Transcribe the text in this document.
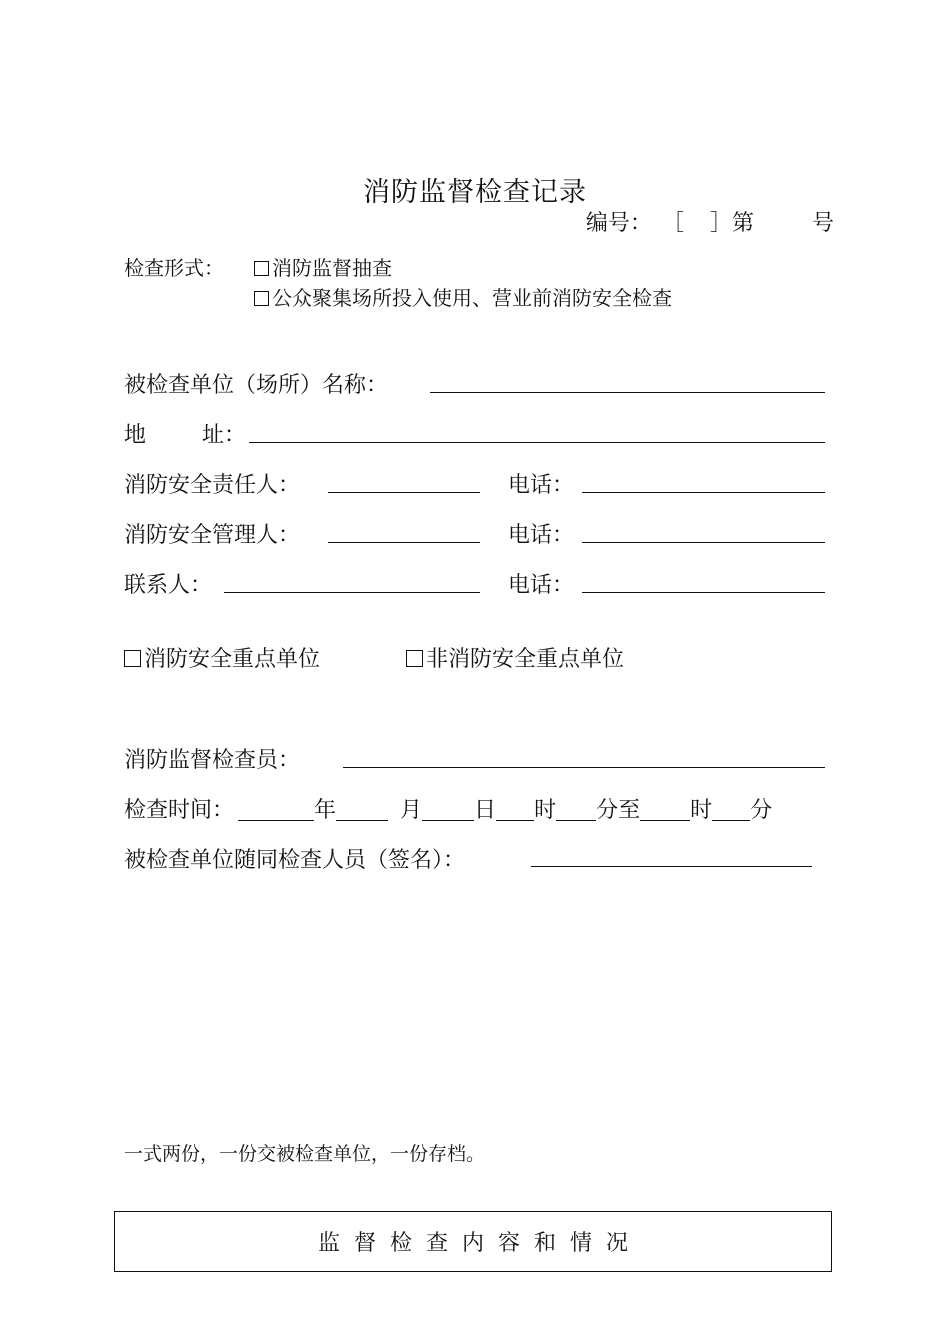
消防监督检查记录
编号： ［ ］第	号
检查形式：	消防监督抽查
公众聚集场所投入使用、营业前消防安全检查
被检查单位（场所）名称：
地        址：
消防安全责任人：	电话：
消防安全管理人：	电话：
联系人：	电话：
消防安全重点单位	非消防安全重点单位
消防监督检查员：
检查时间：	年	月 日 时 分至 时 分
被检查单位随同检查人员（签名）：
一式两份，一份交被检查单位，一份存档。
监督检查内容和情况
